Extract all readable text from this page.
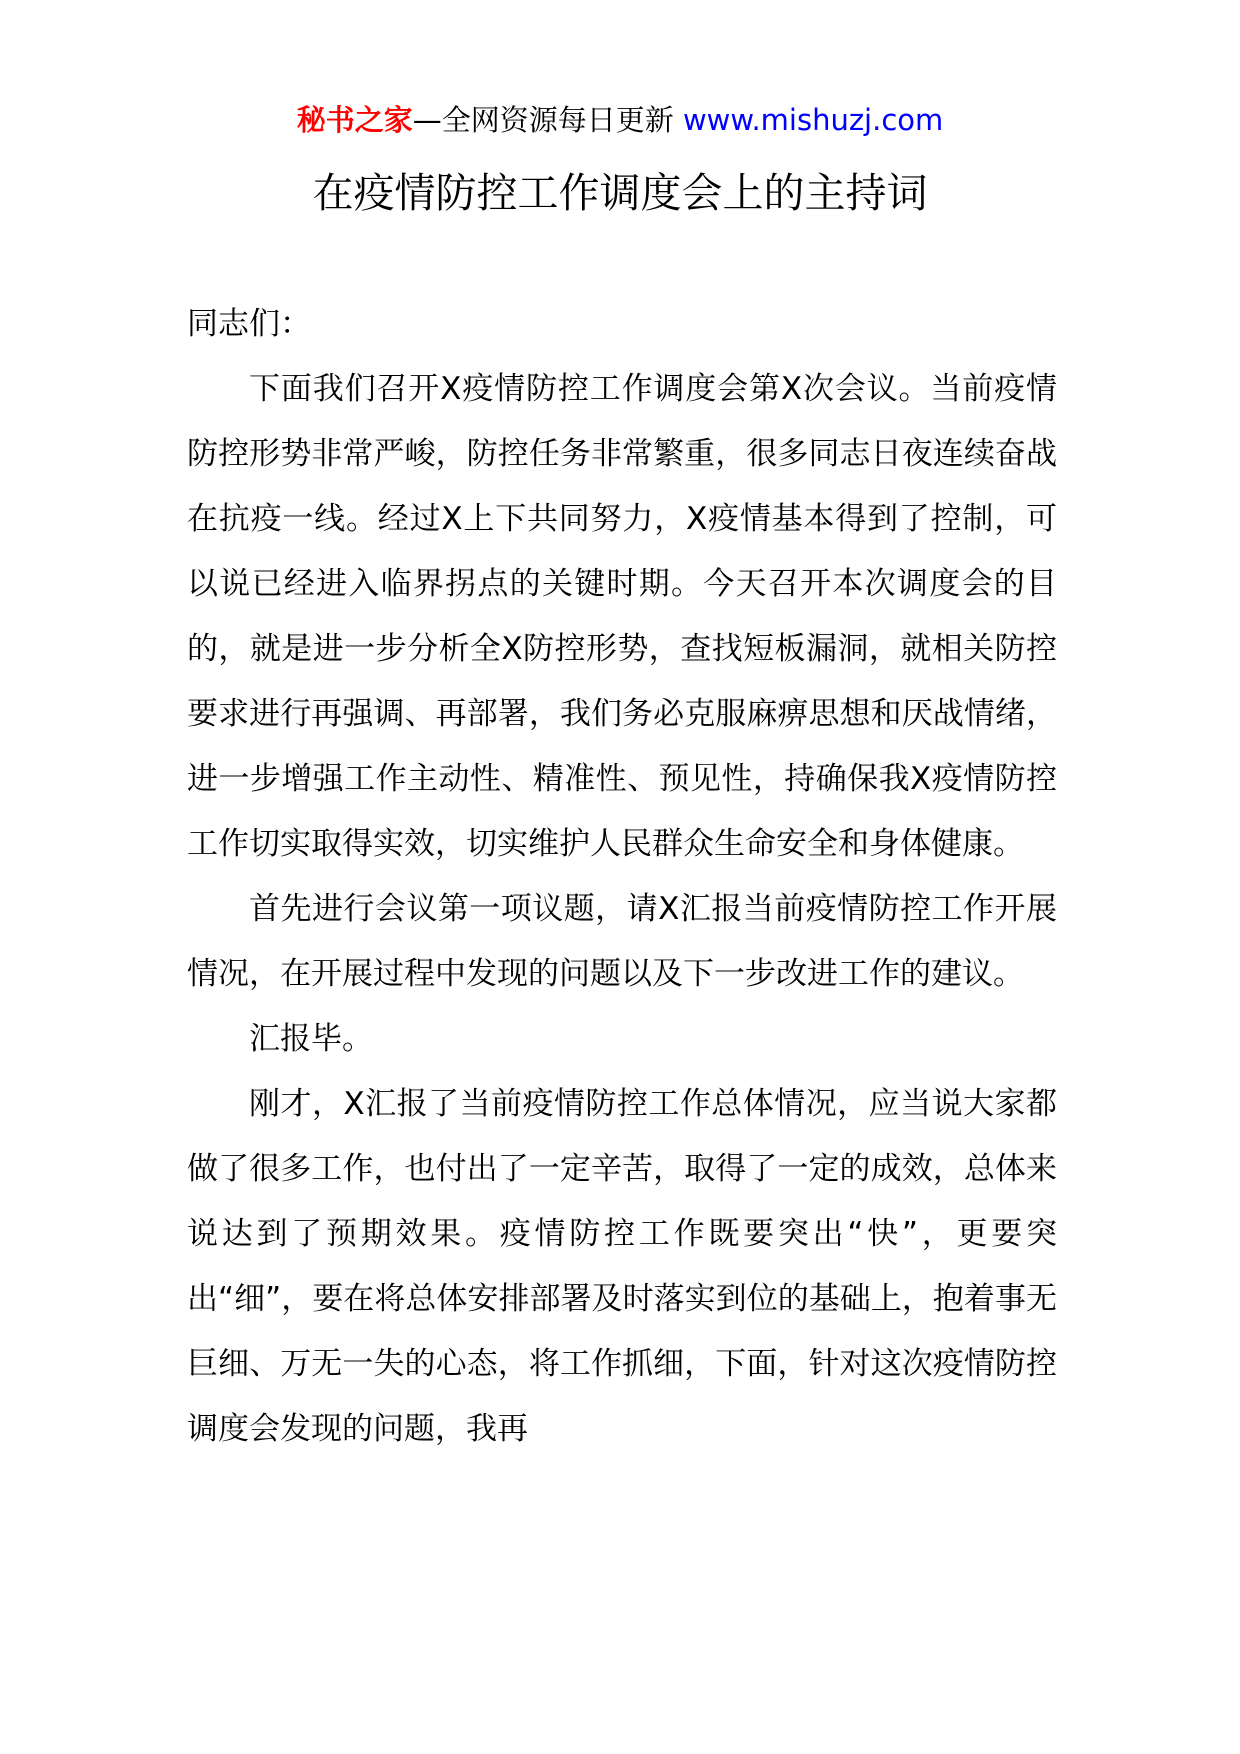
秘书之家—全网资源每日更新 www.mishuzj.com
在疫情防控工作调度会上的主持词

同志们：

下面我们召开X疫情防控工作调度会第X次会议。当前疫情防控形势非常严峻，防控任务非常繁重，很多同志日夜连续奋战在抗疫一线。经过X上下共同努力，X疫情基本得到了控制，可以说已经进入临界拐点的关键时期。今天召开本次调度会的目的，就是进一步分析全X防控形势，查找短板漏洞，就相关防控要求进行再强调、再部署，我们务必克服麻痹思想和厌战情绪，进一步增强工作主动性、精准性、预见性，持确保我X疫情防控工作切实取得实效，切实维护人民群众生命安全和身体健康。

首先进行会议第一项议题，请X汇报当前疫情防控工作开展情况，在开展过程中发现的问题以及下一步改进工作的建议。

汇报毕。

刚才，X汇报了当前疫情防控工作总体情况，应当说大家都做了很多工作，也付出了一定辛苦，取得了一定的成效，总体来说达到了预期效果。疫情防控工作既要突出“快”，更要突出“细”，要在将总体安排部署及时落实到位的基础上，抱着事无巨细、万无一失的心态，将工作抓细，下面，针对这次疫情防控调度会发现的问题，我再
